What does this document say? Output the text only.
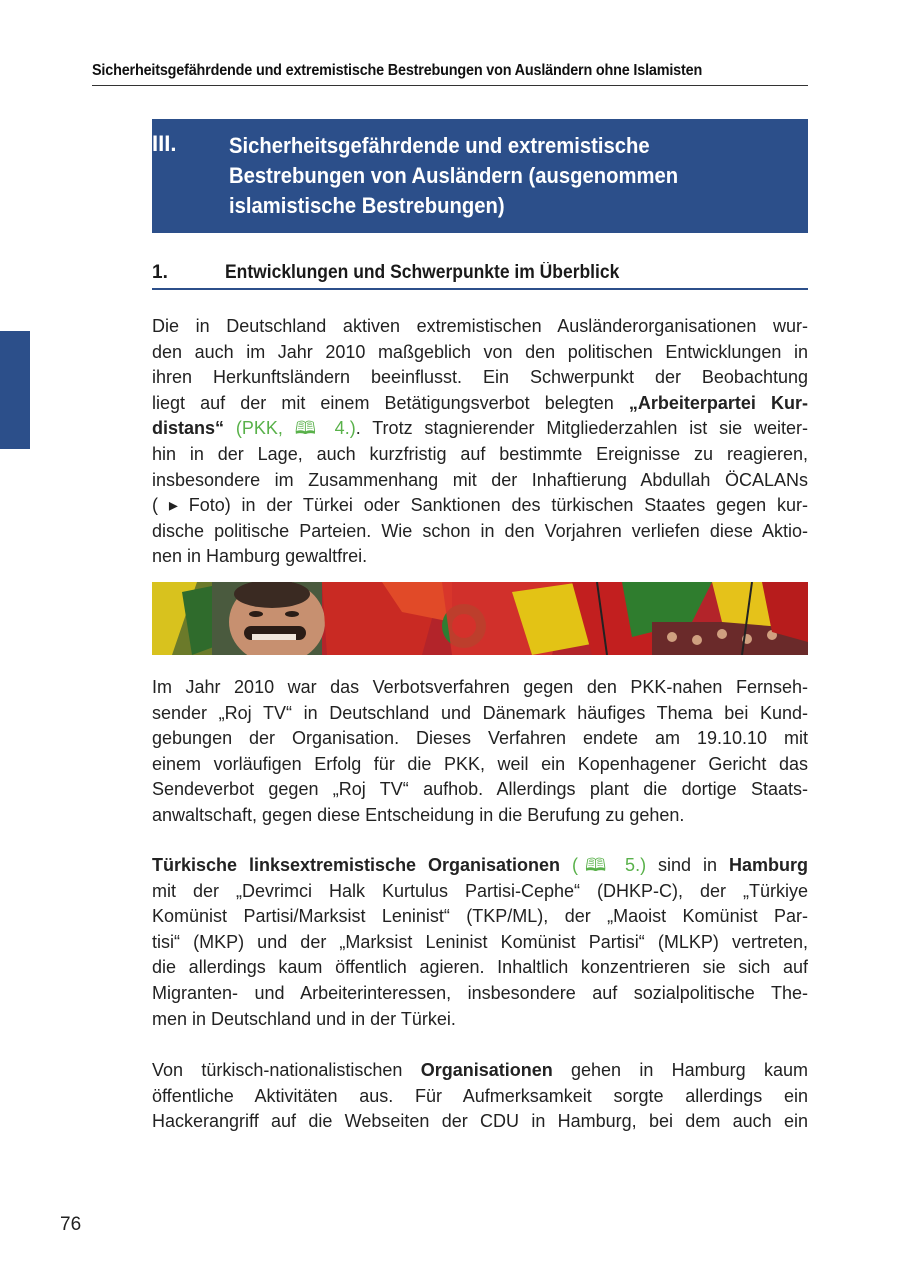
Sicherheitsgefährdende und extremistische Bestrebungen von Ausländern ohne Islamisten
III. Sicherheitsgefährdende und extremistische
Bestrebungen von Ausländern (ausgenommen
islamistische Bestrebungen)
1.	Entwicklungen und Schwerpunkte im Überblick
Die in Deutschland aktiven extremistischen Ausländerorganisationen wur-
den auch im Jahr 2010 maßgeblich von den politischen Entwicklungen in
ihren Herkunftsländern beeinflusst. Ein Schwerpunkt der Beobachtung
liegt auf der mit einem Betätigungsverbot belegten „Arbeiterpartei Kur-
distans“ (PKK, 🕮 4.). Trotz stagnierender Mitgliederzahlen ist sie weiter-
hin in der Lage, auch kurzfristig auf bestimmte Ereignisse zu reagieren,
insbesondere im Zusammenhang mit der Inhaftierung Abdullah ÖCALANs
( ▸ Foto) in der Türkei oder Sanktionen des türkischen Staates gegen kur-
dische politische Parteien. Wie schon in den Vorjahren verliefen diese Aktio-
nen in Hamburg gewaltfrei.
Im Jahr 2010 war das Verbotsverfahren gegen den PKK-nahen Fernseh-
sender „Roj TV“ in Deutschland und Dänemark häufiges Thema bei Kund-
gebungen der Organisation. Dieses Verfahren endete am 19.10.10 mit
einem vorläufigen Erfolg für die PKK, weil ein Kopenhagener Gericht das
Sendeverbot gegen „Roj TV“ aufhob. Allerdings plant die dortige Staats-
anwaltschaft, gegen diese Entscheidung in die Berufung zu gehen.
Türkische linksextremistische Organisationen (🕮 5.) sind in Hamburg
mit der „Devrimci Halk Kurtulus Partisi-Cephe“ (DHKP-C), der „Türkiye
Komünist Partisi/Marksist Leninist“ (TKP/ML), der „Maoist Komünist Par-
tisi“ (MKP) und der „Marksist Leninist Komünist Partisi“ (MLKP) vertreten,
die allerdings kaum öffentlich agieren. Inhaltlich konzentrieren sie sich auf
Migranten- und Arbeiterinteressen, insbesondere auf sozialpolitische The-
men in Deutschland und in der Türkei.
Von türkisch-nationalistischen Organisationen gehen in Hamburg kaum
öffentliche Aktivitäten aus. Für Aufmerksamkeit sorgte allerdings ein
Hackerangriff auf die Webseiten der CDU in Hamburg, bei dem auch ein
76
